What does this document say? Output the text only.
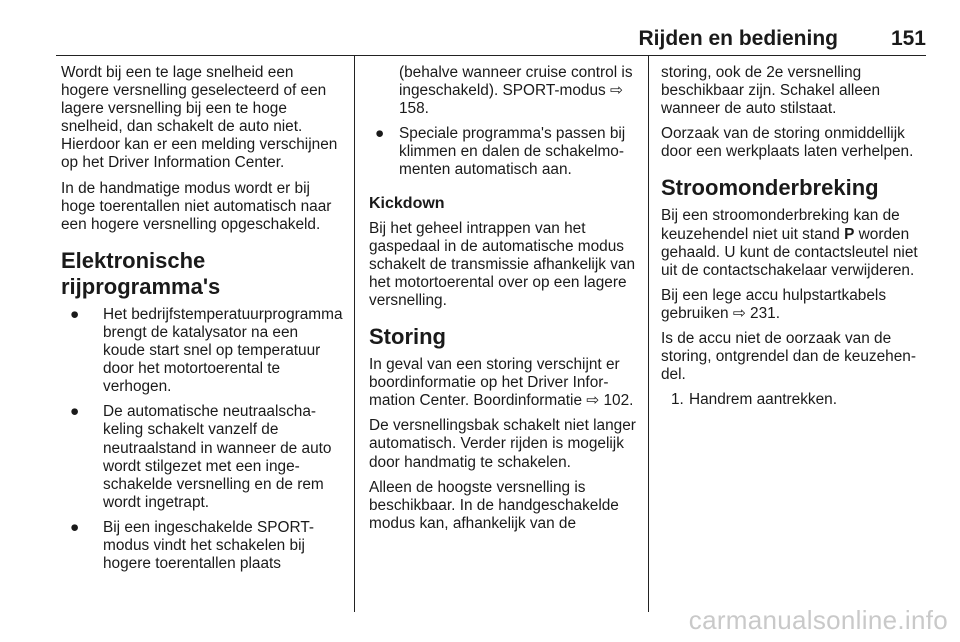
Rijden en bediening	151

Wordt bij een te lage snelheid een hogere versnelling geselecteerd of een lagere versnelling bij een te hoge snelheid, dan schakelt de auto niet. Hierdoor kan er een melding verschijnen op het Driver Information Center.

In de handmatige modus wordt er bij hoge toerentallen niet automatisch naar een hogere versnelling opgeschakeld.

Elektronische rijprogramma's
● Het bedrijfstemperatuurprogramma brengt de katalysator na een koude start snel op temperatuur door het motortoerental te verhogen.
● De automatische neutraalschakeling schakelt vanzelf de neutraalstand in wanneer de auto wordt stilgezet met een ingeschakelde versnelling en de rem wordt ingetrapt.
● Bij een ingeschakelde SPORT-modus vindt het schakelen bij hogere toerentallen plaats
(behalve wanneer cruise control is ingeschakeld). SPORT-modus ⇨ 158.
● Speciale programma's passen bij klimmen en dalen de schakelmomenten automatisch aan.
Kickdown

Bij het geheel intrappen van het gaspedaal in de automatische modus schakelt de transmissie afhankelijk van het motortoerental over op een lagere versnelling.

Storing

In geval van een storing verschijnt er boordinformatie op het Driver Information Center. Boordinformatie ⇨ 102.

De versnellingsbak schakelt niet langer automatisch. Verder rijden is mogelijk door handmatig te schakelen.

Alleen de hoogste versnelling is beschikbaar. In de handgeschakelde modus kan, afhankelijk van de

storing, ook de 2e versnelling beschikbaar zijn. Schakel alleen wanneer de auto stilstaat.

Oorzaak van de storing onmiddellijk door een werkplaats laten verhelpen.

Stroomonderbreking

Bij een stroomonderbreking kan de keuzehendel niet uit stand P worden gehaald. U kunt de contactsleutel niet uit de contactschakelaar verwijderen.

Bij een lege accu hulpstartkabels gebruiken ⇨ 231.

Is de accu niet de oorzaak van de storing, ontgrendel dan de keuzehendel.

1. Handrem aantrekken.
carmanualsonline.info
